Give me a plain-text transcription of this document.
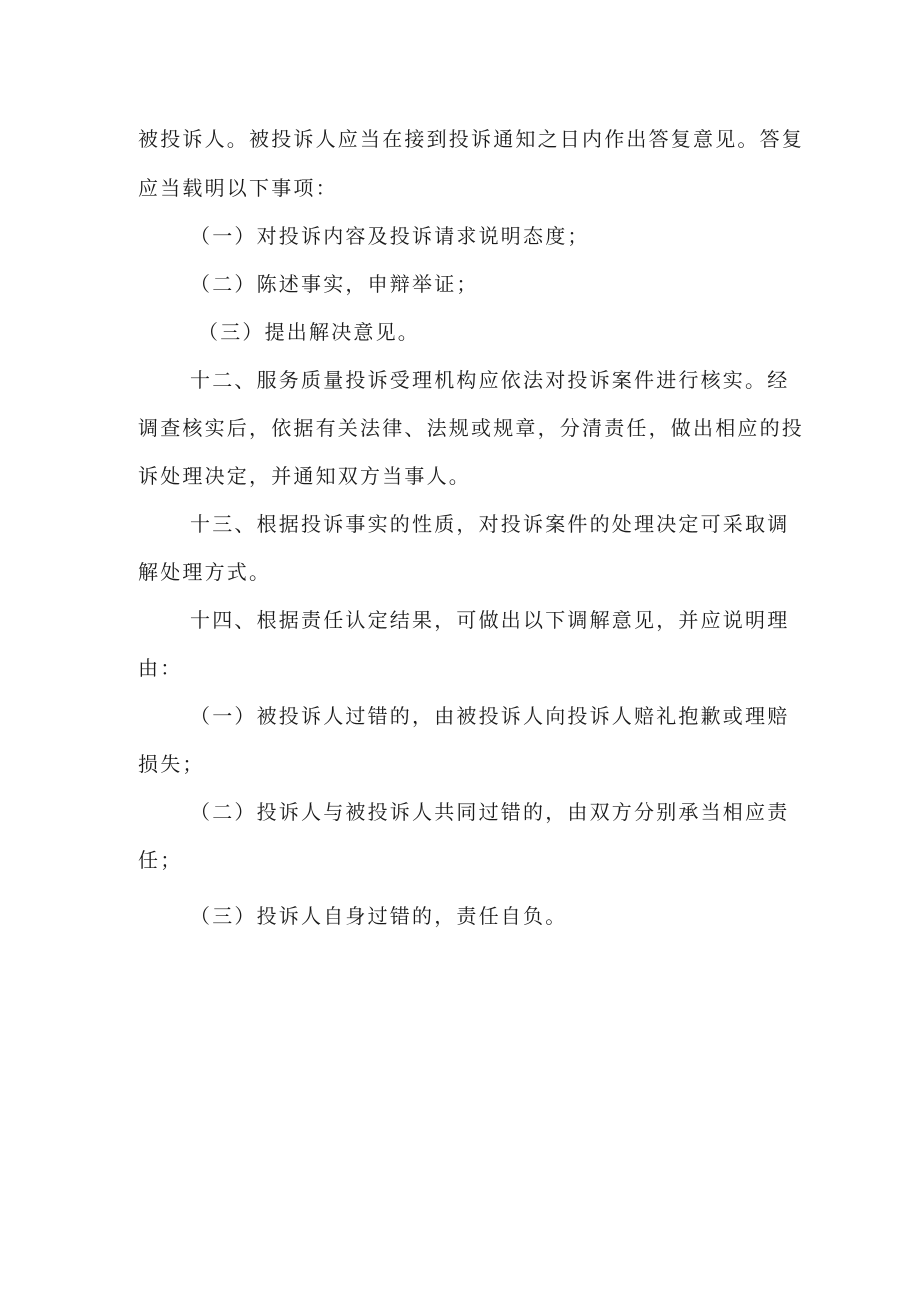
被投诉人。被投诉人应当在接到投诉通知之日内作出答复意见。答复
应当载明以下事项：
（一）对投诉内容及投诉请求说明态度；
（二）陈述事实，申辩举证；
（三）提出解决意见。
十二、服务质量投诉受理机构应依法对投诉案件进行核实。经
调查核实后，依据有关法律、法规或规章，分清责任，做出相应的投
诉处理决定，并通知双方当事人。
十三、根据投诉事实的性质，对投诉案件的处理决定可采取调
解处理方式。
十四、根据责任认定结果，可做出以下调解意见，并应说明理
由：
（一）被投诉人过错的，由被投诉人向投诉人赔礼抱歉或理赔
损失；
（二）投诉人与被投诉人共同过错的，由双方分别承当相应责
任；
（三）投诉人自身过错的，责任自负。
